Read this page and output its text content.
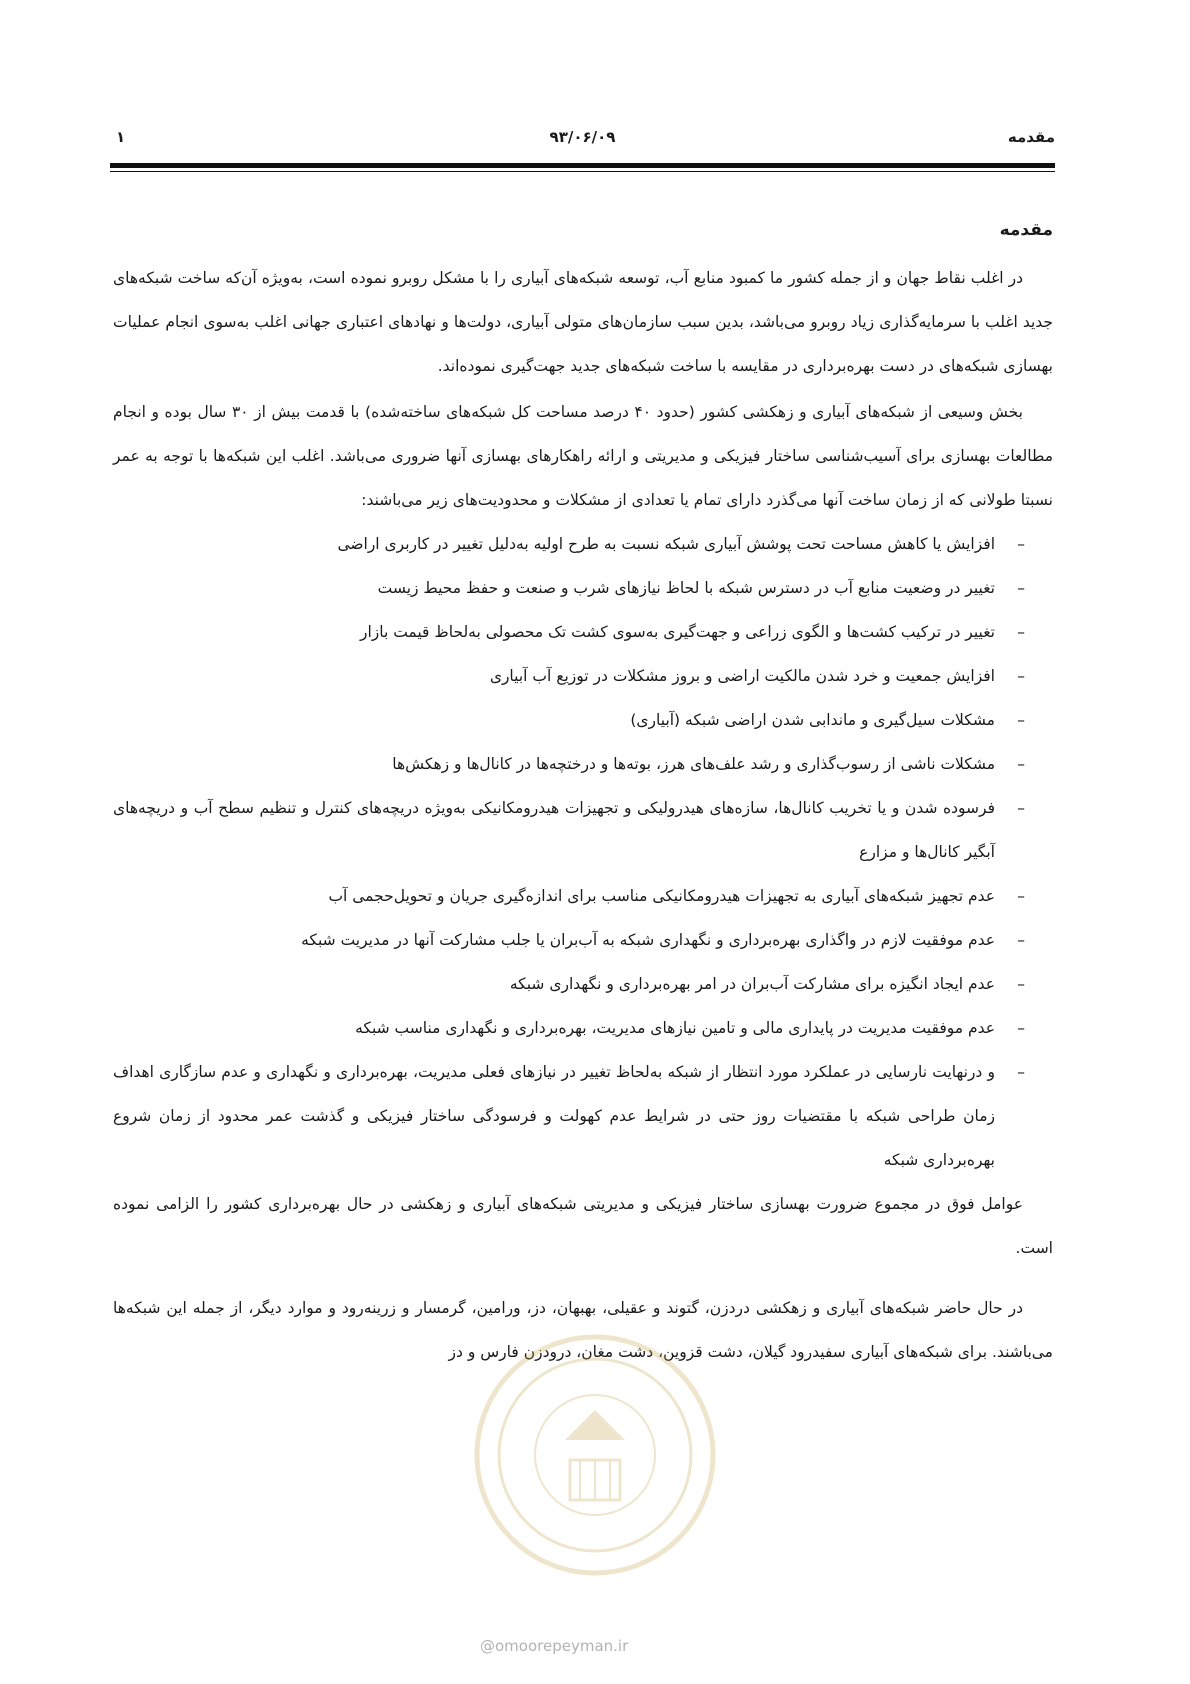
مقدمه
۹۳/۰۶/۰۹
۱
مقدمه

در اغلب نقاط جهان و از جمله کشور ما کمبود منابع آب، توسعه شبکه‌های آبیاری را با مشکل روبرو نموده است، به‌ویژه آن‌که ساخت شبکه‌های جدید اغلب با سرمایه‌گذاری زیاد روبرو می‌باشد، بدین سبب سازمان‌های متولی آبیاری، دولت‌ها و نهادهای اعتباری جهانی اغلب به‌سوی انجام عملیات بهسازی شبکه‌های در دست بهره‌برداری در مقایسه با ساخت شبکه‌های جدید جهت‌گیری نموده‌اند.

بخش وسیعی از شبکه‌های آبیاری و زهکشی کشور (حدود ۴۰ درصد مساحت کل شبکه‌های ساخته‌شده) با قدمت بیش از ۳۰ سال بوده و انجام مطالعات بهسازی برای آسیب‌شناسی ساختار فیزیکی و مدیریتی و ارائه راهکارهای بهسازی آنها ضروری می‌باشد. اغلب این شبکه‌ها با توجه به عمر نسبتا طولانی که از زمان ساخت آنها می‌گذرد دارای تمام یا تعدادی از مشکلات و محدودیت‌های زیر می‌باشند:

–
افزایش یا کاهش مساحت تحت پوشش آبیاری شبکه نسبت به طرح اولیه به‌دلیل تغییر در کاربری اراضی
–
تغییر در وضعیت منابع آب در دسترس شبکه با لحاظ نیازهای شرب و صنعت و حفظ محیط زیست
–
تغییر در ترکیب کشت‌ها و الگوی زراعی و جهت‌گیری به‌سوی کشت تک محصولی به‌لحاظ قیمت بازار
–
افزایش جمعیت و خرد شدن مالکیت اراضی و بروز مشکلات در توزیع آب آبیاری
–
مشکلات سیل‌گیری و ماندابی شدن اراضی شبکه (آبیاری)
–
مشکلات ناشی از رسوب‌گذاری و رشد علف‌های هرز، بوته‌ها و درختچه‌ها در کانال‌ها و زهکش‌ها
–
فرسوده شدن و یا تخریب کانال‌ها، سازه‌های هیدرولیکی و تجهیزات هیدرومکانیکی به‌ویژه دریچه‌های کنترل و تنظیم سطح آب و دریچه‌های آبگیر کانال‌ها و مزارع
–
عدم تجهیز شبکه‌های آبیاری به تجهیزات هیدرومکانیکی مناسب برای اندازه‌گیری جریان و تحویل‌حجمی آب
–
عدم موفقیت لازم در واگذاری بهره‌برداری و نگهداری شبکه به آب‌بران یا جلب مشارکت آنها در مدیریت شبکه
–
عدم ایجاد انگیزه برای مشارکت آب‌بران در امر بهره‌برداری و نگهداری شبکه
–
عدم موفقیت مدیریت در پایداری مالی و تامین نیازهای مدیریت، بهره‌برداری و نگهداری مناسب شبکه
–
و درنهایت نارسایی در عملکرد مورد انتظار از شبکه به‌لحاظ تغییر در نیازهای فعلی مدیریت، بهره‌برداری و نگهداری و عدم سازگاری اهداف زمان طراحی شبکه با مقتضیات روز حتی در شرایط عدم کهولت و فرسودگی ساختار فیزیکی و گذشت عمر محدود از زمان شروع بهره‌برداری شبکه

عوامل فوق در مجموع ضرورت بهسازی ساختار فیزیکی و مدیریتی شبکه‌های آبیاری و زهکشی در حال بهره‌برداری کشور را الزامی نموده است.

در حال حاضر شبکه‌های آبیاری و زهکشی دردزن، گتوند و عقیلی، بهبهان، دز، ورامین، گرمسار و زرینه‌رود و موارد دیگر، از جمله این شبکه‌ها می‌باشند. برای شبکه‌های آبیاری سفیدرود گیلان، دشت قزوین، دشت مغان، درودزن فارس و دز

@omoorepeyman.ir
